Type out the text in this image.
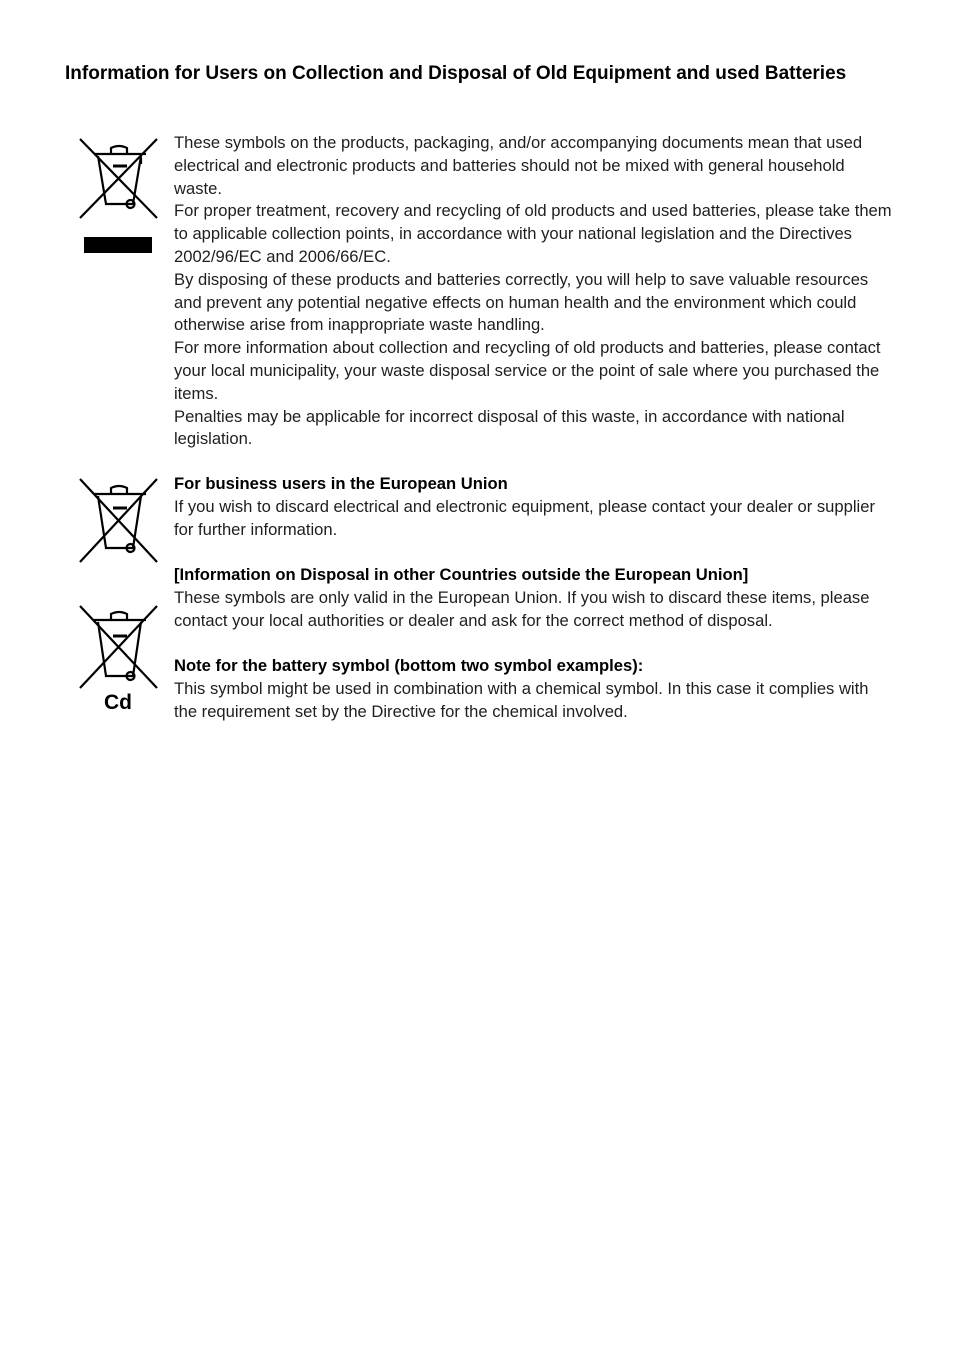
Information for Users on Collection and Disposal of Old Equipment and used Batteries

These symbols on the products, packaging, and/or accompanying documents mean that used electrical and electronic products and batteries should not be mixed with general household waste.

For proper treatment, recovery and recycling of old products and used batteries, please take them to applicable collection points, in accordance with your national legislation and the Directives 2002/96/EC and 2006/66/EC.

By disposing of these products and batteries correctly, you will help to save valuable resources and prevent any potential negative effects on human health and the environment which could otherwise arise from inappropriate waste handling.

For more information about collection and recycling of old products and batteries, please contact your local municipality, your waste disposal service or the point of sale where you purchased the items.

Penalties may be applicable for incorrect disposal of this waste, in accordance with national legislation.

For business users in the European Union

If you wish to discard electrical and electronic equipment, please contact your dealer or supplier for further information.

Cd

[Information on Disposal in other Countries outside the European Union]

These symbols are only valid in the European Union. If you wish to discard these items, please contact your local authorities or dealer and ask for the correct method of disposal.

Note for the battery symbol (bottom two symbol examples):

This symbol might be used in combination with a chemical symbol. In this case it complies with the requirement set by the Directive for the chemical involved.
